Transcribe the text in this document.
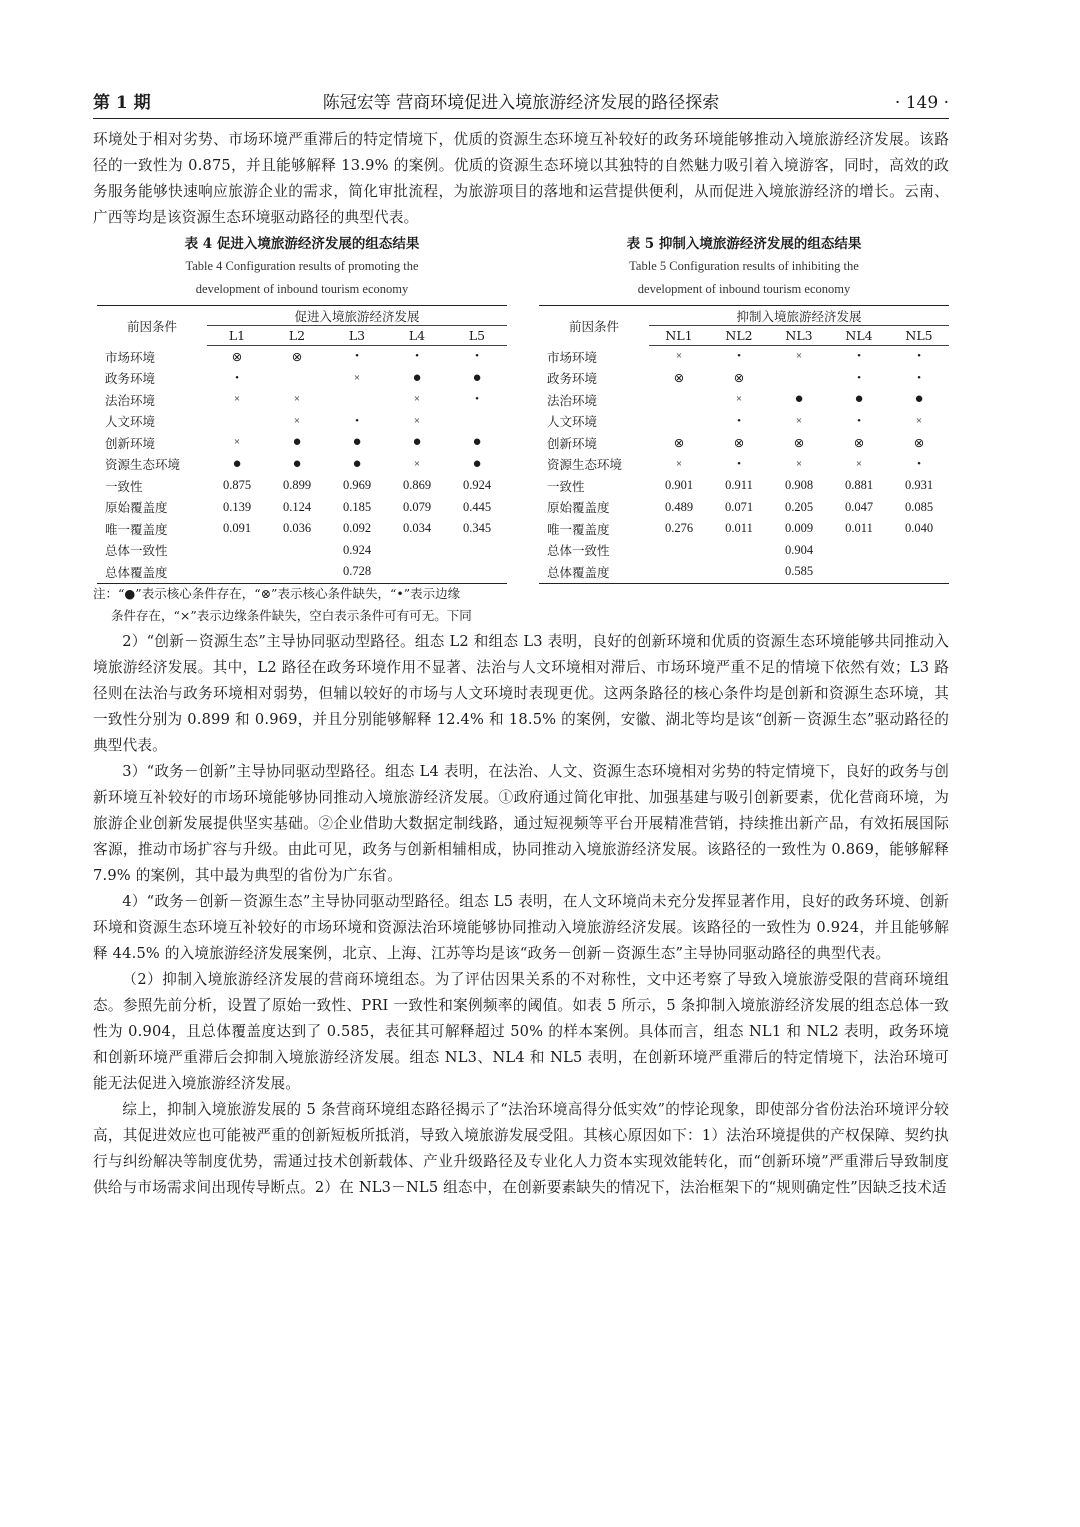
第 1 期	陈冠宏等 营商环境促进入境旅游经济发展的路径探索	· 149 ·

环境处于相对劣势、市场环境严重滞后的特定情境下，优质的资源生态环境互补较好的政务环境能够推动入境旅游经济发展。该路径的一致性为 0.875，并且能够解释 13.9% 的案例。优质的资源生态环境以其独特的自然魅力吸引着入境游客，同时，高效的政务服务能够快速响应旅游企业的需求，简化审批流程，为旅游项目的落地和运营提供便利，从而促进入境旅游经济的增长。云南、广西等均是该资源生态环境驱动路径的典型代表。

表 4 促进入境旅游经济发展的组态结果
Table 4 Configuration results of promoting the
development of inbound tourism economy
前因条件	促进入境旅游经济发展				
	L1	L2	L3	L4	L5
市场环境	⊗	⊗	•	•	•
政务环境	•		×	●	●
法治环境	×	×		×	•
人文环境		×	•	×	
创新环境	×	●	●	●	●
资源生态环境	●	●	●	×	●
一致性	0.875	0.899	0.969	0.869	0.924
原始覆盖度	0.139	0.124	0.185	0.079	0.445
唯一覆盖度	0.091	0.036	0.092	0.034	0.345
总体一致性	0.924				
总体覆盖度	0.728				
表 5 抑制入境旅游经济发展的组态结果
Table 5 Configuration results of inhibiting the
development of inbound tourism economy
前因条件	抑制入境旅游经济发展				
	NL1	NL2	NL3	NL4	NL5
市场环境	×	•	×	•	•
政务环境	⊗	⊗		•	•
法治环境		×	●	●	●
人文环境		•	×	•	×
创新环境	⊗	⊗	⊗	⊗	⊗
资源生态环境	×	•	×	×	•
一致性	0.901	0.911	0.908	0.881	0.931
原始覆盖度	0.489	0.071	0.205	0.047	0.085
唯一覆盖度	0.276	0.011	0.009	0.011	0.040
总体一致性	0.904				
总体覆盖度	0.585				
注：“●”表示核心条件存在，“⊗”表示核心条件缺失，“•”表示边缘
条件存在，“×”表示边缘条件缺失，空白表示条件可有可无。下同

2）“创新－资源生态”主导协同驱动型路径。组态 L2 和组态 L3 表明，良好的创新环境和优质的资源生态环境能够共同推动入境旅游经济发展。其中，L2 路径在政务环境作用不显著、法治与人文环境相对滞后、市场环境严重不足的情境下依然有效；L3 路径则在法治与政务环境相对弱势，但辅以较好的市场与人文环境时表现更优。这两条路径的核心条件均是创新和资源生态环境，其一致性分别为 0.899 和 0.969，并且分别能够解释 12.4% 和 18.5% 的案例，安徽、湖北等均是该“创新－资源生态”驱动路径的典型代表。

3）“政务－创新”主导协同驱动型路径。组态 L4 表明，在法治、人文、资源生态环境相对劣势的特定情境下，良好的政务与创新环境互补较好的市场环境能够协同推动入境旅游经济发展。①政府通过简化审批、加强基建与吸引创新要素，优化营商环境，为旅游企业创新发展提供坚实基础。②企业借助大数据定制线路，通过短视频等平台开展精准营销，持续推出新产品，有效拓展国际客源，推动市场扩容与升级。由此可见，政务与创新相辅相成，协同推动入境旅游经济发展。该路径的一致性为 0.869，能够解释 7.9% 的案例，其中最为典型的省份为广东省。

4）“政务－创新－资源生态”主导协同驱动型路径。组态 L5 表明，在人文环境尚未充分发挥显著作用，良好的政务环境、创新环境和资源生态环境互补较好的市场环境和资源法治环境能够协同推动入境旅游经济发展。该路径的一致性为 0.924，并且能够解释 44.5% 的入境旅游经济发展案例，北京、上海、江苏等均是该“政务－创新－资源生态”主导协同驱动路径的典型代表。

（2）抑制入境旅游经济发展的营商环境组态。为了评估因果关系的不对称性，文中还考察了导致入境旅游受限的营商环境组态。参照先前分析，设置了原始一致性、PRI 一致性和案例频率的阈值。如表 5 所示，5 条抑制入境旅游经济发展的组态总体一致性为 0.904，且总体覆盖度达到了 0.585，表征其可解释超过 50% 的样本案例。具体而言，组态 NL1 和 NL2 表明，政务环境和创新环境严重滞后会抑制入境旅游经济发展。组态 NL3、NL4 和 NL5 表明，在创新环境严重滞后的特定情境下，法治环境可能无法促进入境旅游经济发展。

综上，抑制入境旅游发展的 5 条营商环境组态路径揭示了“法治环境高得分低实效”的悖论现象，即使部分省份法治环境评分较高，其促进效应也可能被严重的创新短板所抵消，导致入境旅游发展受阻。其核心原因如下：1）法治环境提供的产权保障、契约执行与纠纷解决等制度优势，需通过技术创新载体、产业升级路径及专业化人力资本实现效能转化，而“创新环境”严重滞后导致制度供给与市场需求间出现传导断点。2）在 NL3－NL5 组态中，在创新要素缺失的情况下，法治框架下的“规则确定性”因缺乏技术适
